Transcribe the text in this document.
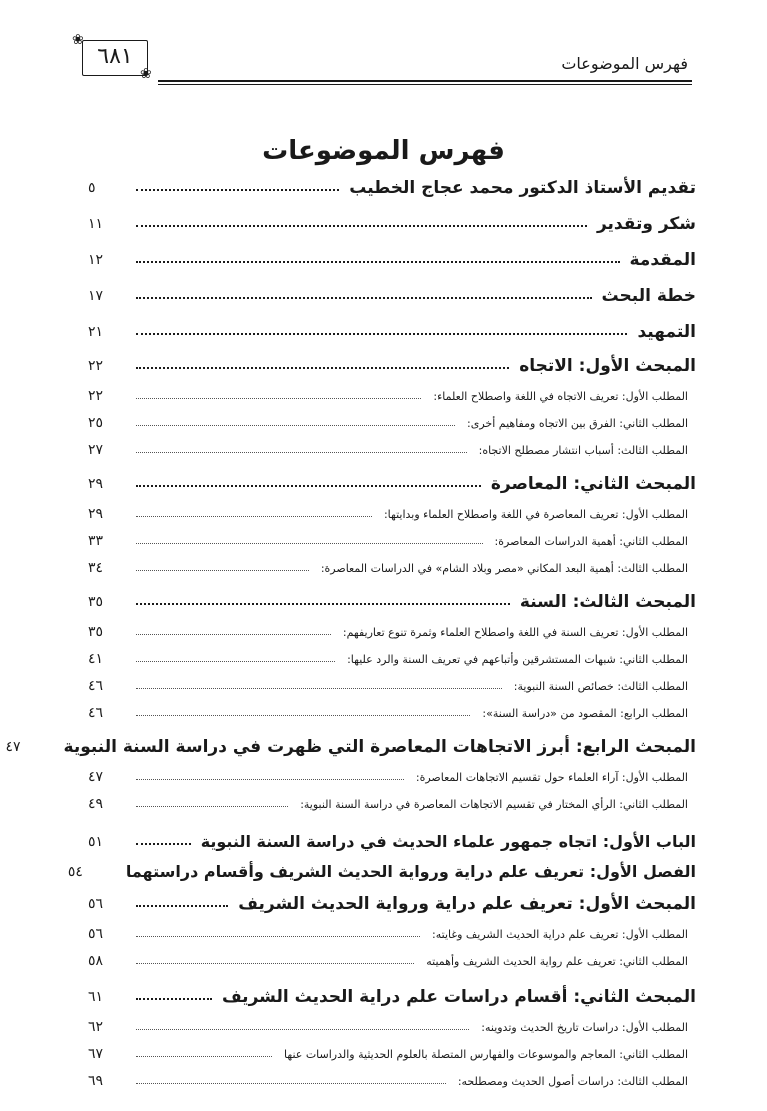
❀
٦٨١
❀
فهرس الموضوعات
فهرس الموضوعات
تقديم الأستاذ الدكتور محمد عجاج الخطيب
٥
شكر وتقدير
١١
المقدمة
١٢
خطة البحث
١٧
التمهيد
٢١
المبحث الأول: الاتجاه
٢٢
المطلب الأول: تعريف الاتجاه في اللغة واصطلاح العلماء:
٢٢
المطلب الثاني: الفرق بين الاتجاه ومفاهيم أخرى:
٢٥
المطلب الثالث: أسباب انتشار مصطلح الاتجاه:
٢٧
المبحث الثاني: المعاصرة
٢٩
المطلب الأول: تعريف المعاصرة في اللغة واصطلاح العلماء وبدايتها:
٢٩
المطلب الثاني: أهمية الدراسات المعاصرة:
٣٣
المطلب الثالث: أهمية البعد المكاني «مصر وبلاد الشام» في الدراسات المعاصرة:
٣٤
المبحث الثالث: السنة
٣٥
المطلب الأول: تعريف السنة في اللغة واصطلاح العلماء وثمرة تنوع تعاريفهم:
٣٥
المطلب الثاني: شبهات المستشرقين وأتباعهم في تعريف السنة والرد عليها:
٤١
المطلب الثالث: خصائص السنة النبوية:
٤٦
المطلب الرابع: المقصود من «دراسة السنة»:
٤٦
المبحث الرابع: أبرز الاتجاهات المعاصرة التي ظهرت في دراسة السنة النبوية
٤٧
المطلب الأول: آراء العلماء حول تقسيم الاتجاهات المعاصرة:
٤٧
المطلب الثاني: الرأي المختار في تقسيم الاتجاهات المعاصرة في دراسة السنة النبوية:
٤٩
الباب الأول: اتجاه جمهور علماء الحديث في دراسة السنة النبوية
٥١
الفصل الأول: تعريف علم دراية ورواية الحديث الشريف وأقسام دراستهما
٥٤
المبحث الأول: تعريف علم دراية ورواية الحديث الشريف
٥٦
المطلب الأول: تعريف علم دراية الحديث الشريف وغايته:
٥٦
المطلب الثاني: تعريف علم رواية الحديث الشريف وأهميته
٥٨
المبحث الثاني: أقسام دراسات علم دراية الحديث الشريف
٦١
المطلب الأول: دراسات تاريخ الحديث وتدوينه:
٦٢
المطلب الثاني: المعاجم والموسوعات والفهارس المتصلة بالعلوم الحديثية والدراسات عنها
٦٧
المطلب الثالث: دراسات أصول الحديث ومصطلحه:
٦٩
